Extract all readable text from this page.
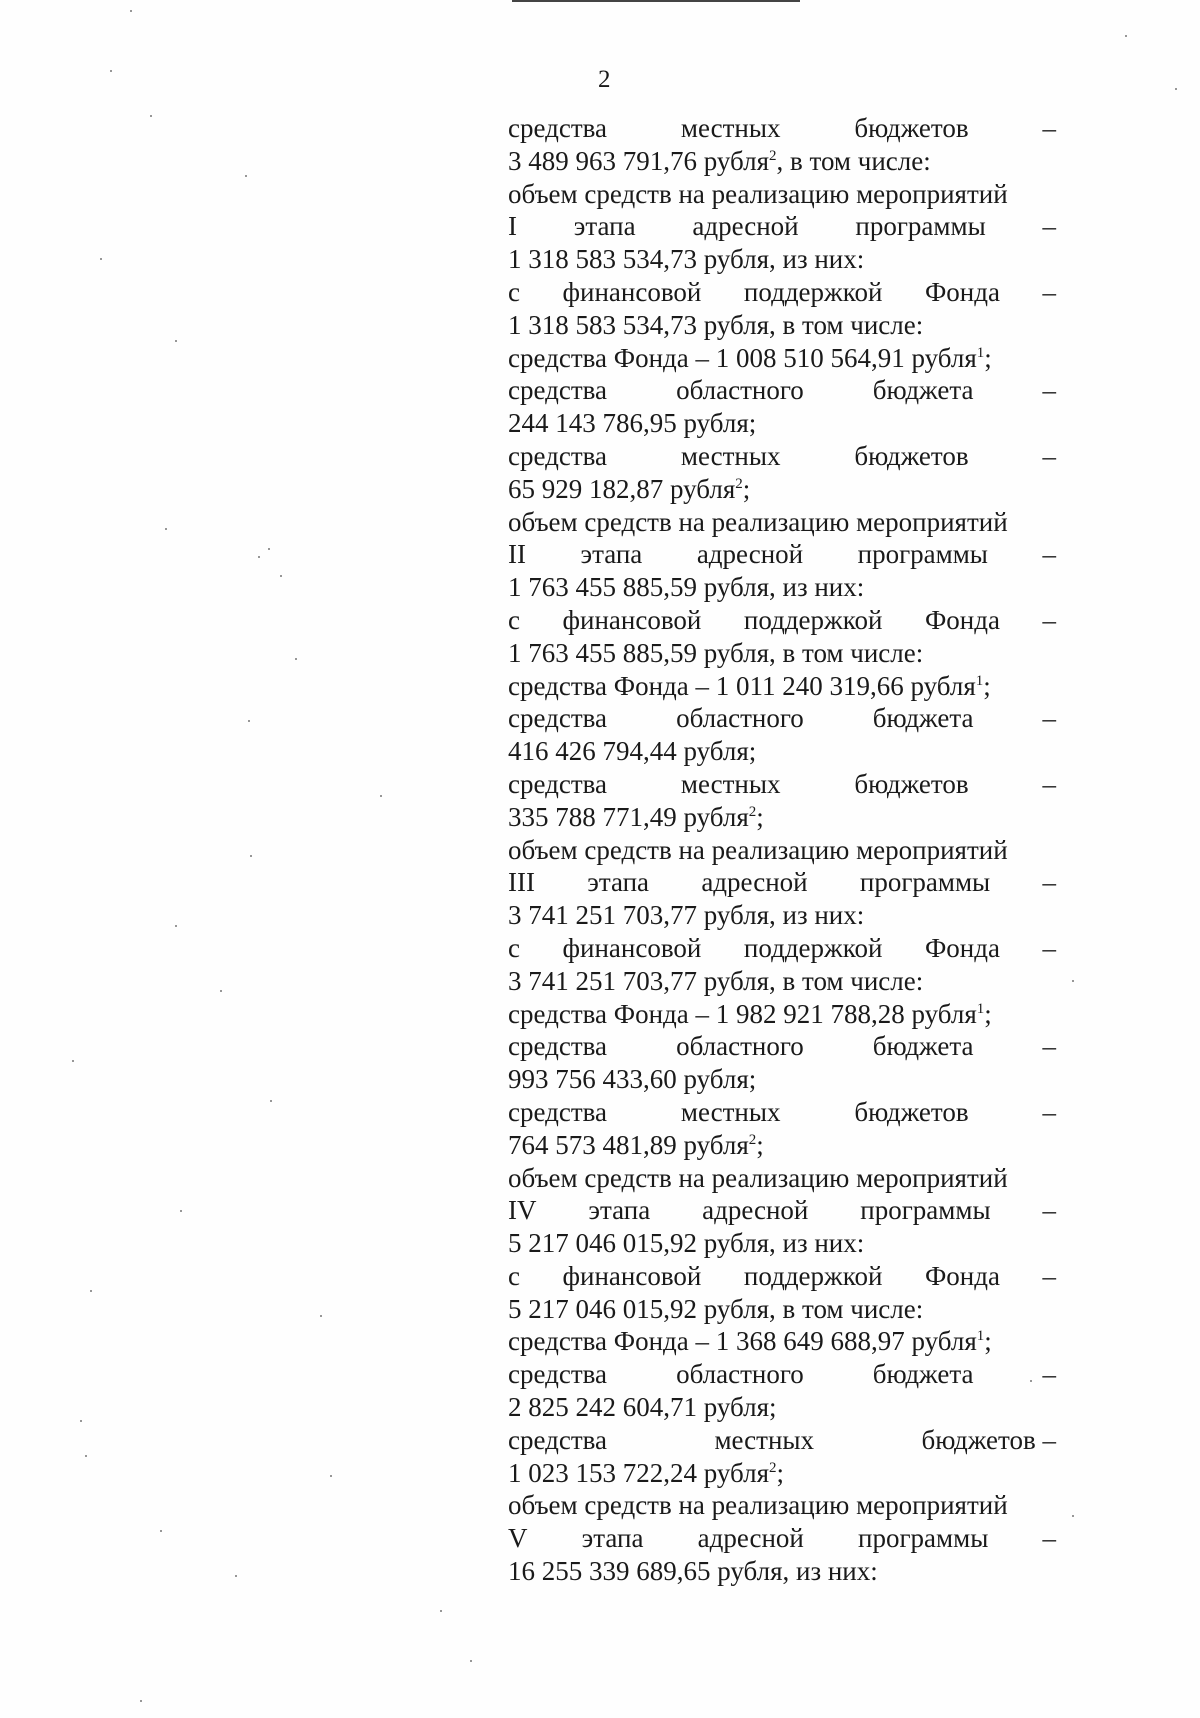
2
средства	местных	бюджетов	–
3 489 963 791,76 рубля$^2$, в том числе:
объем средств на реализацию мероприятий
I этапа адресной программы –
1 318 583 534,73 рубля, из них:
с финансовой поддержкой Фонда –
1 318 583 534,73 рубля, в том числе:
средства Фонда – 1 008 510 564,91 рубля$^1$;
средства	областного	бюджета	–
244 143 786,95 рубля;
средства	местных	бюджетов	–
65 929 182,87 рубля$^2$;
объем средств на реализацию мероприятий
II этапа адресной программы –
1 763 455 885,59 рубля, из них:
с финансовой поддержкой Фонда –
1 763 455 885,59 рубля, в том числе:
средства Фонда – 1 011 240 319,66 рубля$^1$;
средства	областного	бюджета	–
416 426 794,44 рубля;
средства	местных	бюджетов	–
335 788 771,49 рубля$^2$;
объем средств на реализацию мероприятий
III этапа адресной программы –
3 741 251 703,77 рубля, из них:
с финансовой поддержкой Фонда –
3 741 251 703,77 рубля, в том числе:
средства Фонда – 1 982 921 788,28 рубля$^1$;
средства	областного	бюджета	–
993 756 433,60 рубля;
средства	местных	бюджетов	–
764 573 481,89 рубля$^2$;
объем средств на реализацию мероприятий
IV этапа адресной программы –
5 217 046 015,92 рубля, из них:
с финансовой поддержкой Фонда –
5 217 046 015,92 рубля, в том числе:
средства Фонда – 1 368 649 688,97 рубля$^1$;
средства	областного	бюджета	–
2 825 242 604,71 рубля;
средства	местных	бюджетов –
1 023 153 722,24 рубля$^2$;
объем средств на реализацию мероприятий
V этапа адресной программы –
16 255 339 689,65 рубля, из них:
